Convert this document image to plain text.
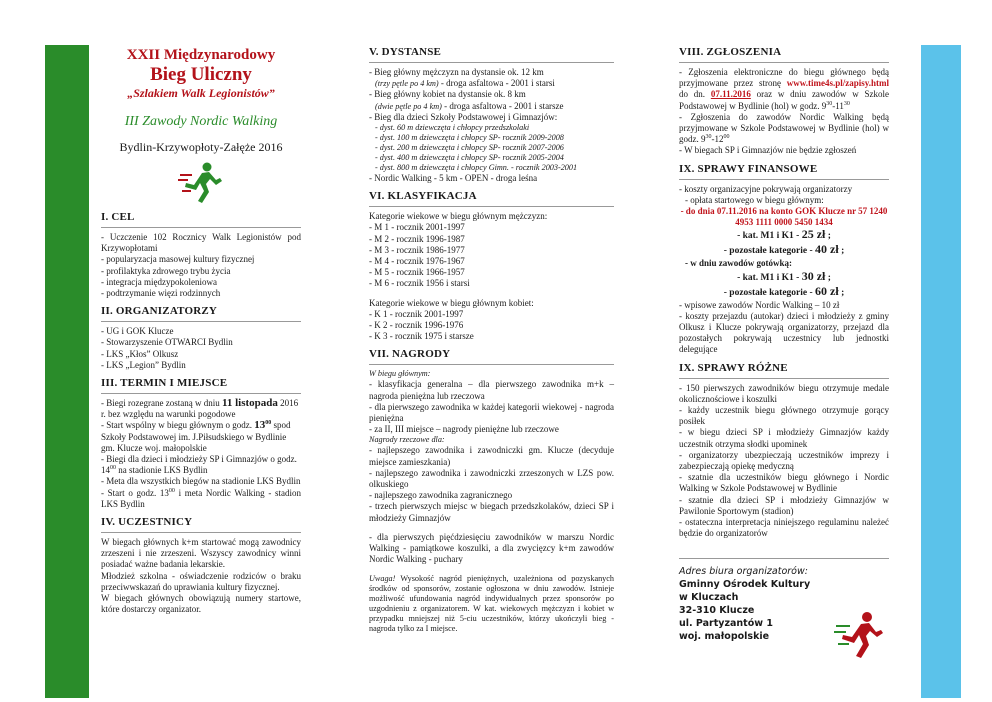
XXII Międzynarodowy
Bieg Uliczny
„Szlakiem Walk Legionistów”
III Zawody Nordic Walking
Bydlin-Krzywopłoty-Załęże 2016
I. CEL

- Uczczenie 102 Rocznicy Walk Legionistów pod Krzywopłotami

- popularyzacja masowej kultury fizycznej

- profilaktyka zdrowego trybu życia

- integracja międzypokoleniowa

- podtrzymanie więzi rodzinnych

II. ORGANIZATORZY

- UG i GOK Klucze

- Stowarzyszenie OTWARCI Bydlin

- LKS „Kłos” Olkusz

- LKS „Legion” Bydlin

III. TERMIN I MIEJSCE

- Biegi rozegrane zostaną w dniu 11 listopada 2016 r. bez względu na warunki pogodowe

- Start wspólny w biegu głównym o godz. $13^{00}$ spod Szkoły Podstawowej im. J.Piłsudskiego w Bydlinie gm. Klucze woj. małopolskie

- Biegi dla dzieci i młodzieży SP i Gimnazjów o godz. $14^{00}$ na stadionie LKS Bydlin

- Meta dla wszystkich biegów na stadionie LKS Bydlin

- Start o godz. $13^{00}$ i meta Nordic Walking - stadion LKS Bydlin

IV. UCZESTNICY

W biegach głównych k+m startować mogą zawodnicy zrzeszeni i nie zrzeszeni. Wszyscy zawodnicy winni posiadać ważne badania lekarskie.

Młodzież szkolna - oświadczenie rodziców o braku przeciwwskazań do uprawiania kultury fizycznej.

W biegach głównych obowiązują numery startowe, które dostarczy organizator.

V. DYSTANSE

- Bieg główny mężczyzn na dystansie ok. 12 km

(trzy pętle po 4 km) - droga asfaltowa - 2001 i starsi

- Bieg główny kobiet na dystansie ok. 8 km

(dwie pętle po 4 km) - droga asfaltowa - 2001 i starsze

- Bieg dla dzieci Szkoły Podstawowej i Gimnazjów:

- dyst. 60 m dziewczęta i chłopcy przedszkolaki

- dyst. 100 m dziewczęta i chłopcy SP- rocznik 2009-2008

- dyst. 200 m dziewczęta i chłopcy SP- rocznik 2007-2006

- dyst. 400 m dziewczęta i chłopcy SP- rocznik 2005-2004

- dyst. 800 m dziewczęta i chłopcy Gimn. - rocznik 2003-2001

- Nordic Walking - 5 km - OPEN - droga leśna

VI. KLASYFIKACJA

Kategorie wiekowe w biegu głównym mężczyzn:

- M 1 - rocznik 2001-1997

- M 2 - rocznik 1996-1987

- M 3 - rocznik 1986-1977

- M 4 - rocznik 1976-1967

- M 5 - rocznik 1966-1957

- M 6 - rocznik 1956 i starsi

Kategorie wiekowe w biegu głównym kobiet:

- K 1 - rocznik 2001-1997

- K 2 - rocznik 1996-1976

- K 3 - rocznik 1975 i starsze

VII. NAGRODY

W biegu głównym:

- klasyfikacja generalna – dla pierwszego zawodnika m+k – nagroda pieniężna lub rzeczowa

- dla pierwszego zawodnika w każdej kategorii wiekowej - nagroda pieniężna

- za II, III miejsce – nagrody pieniężne lub rzeczowe

Nagrody rzeczowe dla:

- najlepszego zawodnika i zawodniczki gm. Klucze (decyduje miejsce zamieszkania)

- najlepszego zawodnika i zawodniczki zrzeszonych w LZS pow. olkuskiego

- najlepszego zawodnika zagranicznego

- trzech pierwszych miejsc w biegach przedszkolaków, dzieci SP i młodzieży Gimnazjów

- dla pierwszych pięćdziesięciu zawodników w marszu Nordic Walking - pamiątkowe koszulki, a dla zwycięzcy k+m zawodów Nordic Walking - puchary

Uwaga! Wysokość nagród pieniężnych, uzależniona od pozyskanych środków od sponsorów, zostanie ogłoszona w dniu zawodów. Istnieje możliwość ufundowania nagród indywidualnych przez sponsorów po uzgodnieniu z organizatorem. W kat. wiekowych mężczyzn i kobiet w przypadku mniejszej niż 5-ciu uczestników, którzy ukończyli bieg - nagroda tylko za I miejsce.

VIII. ZGŁOSZENIA

- Zgłoszenia elektroniczne do biegu głównego będą przyjmowane przez stronę www.time4s.pl/zapisy.html do dn. 07.11.2016 oraz w dniu zawodów w Szkole Podstawowej w Bydlinie (hol) w godz. $9^{30}-11^{30}$

- Zgłoszenia do zawodów Nordic Walking będą przyjmowane w Szkole Podstawowej w Bydlinie (hol) w godz. $9^{30}-12^{00}$

- W biegach SP i Gimnazjów nie będzie zgłoszeń

IX. SPRAWY FINANSOWE

- koszty organizacyjne pokrywają organizatorzy

- opłata startowego w biegu głównym:

- do dnia 07.11.2016 na konto GOK Klucze nr 57 1240 4953 1111 0000 5450 1434

- kat. M1 i K1 - 25 zł ;

- pozostałe kategorie - 40 zł ;

- w dniu zawodów gotówką:

- kat. M1 i K1 - 30 zł ;

- pozostałe kategorie - 60 zł ;

- wpisowe zawodów Nordic Walking – 10 zł

- koszty przejazdu (autokar) dzieci i młodzieży z gminy Olkusz i Klucze pokrywają organizatorzy, przejazd dla pozostałych pokrywają uczestnicy lub jednostki delegujące

IX. SPRAWY RÓŻNE

- 150 pierwszych zawodników biegu otrzymuje medale okolicznościowe i koszulki

- każdy uczestnik biegu głównego otrzymuje gorący posiłek

- w biegu dzieci SP i młodzieży Gimnazjów każdy uczestnik otrzyma słodki upominek

- organizatorzy ubezpieczają uczestników imprezy i zabezpieczają opiekę medyczną

- szatnie dla uczestników biegu głównego i Nordic Walking w Szkole Podstawowej w Bydlinie

- szatnie dla dzieci SP i młodzieży Gimnazjów w Pawilonie Sportowym (stadion)

- ostateczna interpretacja niniejszego regulaminu należeć będzie do organizatorów

Adres biura organizatorów:
Gminny Ośrodek Kultury
w Kluczach
32-310 Klucze
ul. Partyzantów 1
woj. małopolskie
